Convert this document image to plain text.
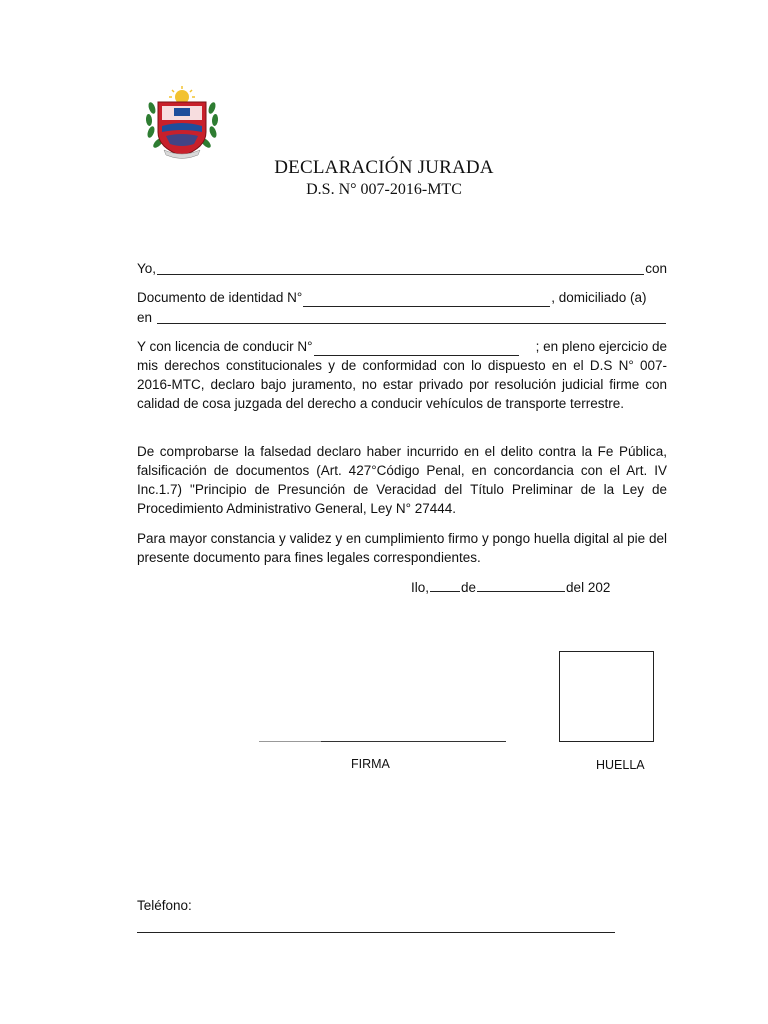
DECLARACIÓN JURADA
D.S. N° 007-2016-MTC
Yo,	con
Documento de identidad N°	, domiciliado (a)
en
Y con licencia de conducir N°	; en pleno ejercicio de

mis derechos constitucionales y de conformidad con lo dispuesto en el D.S N° 007-2016-MTC, declaro bajo juramento, no estar privado por resolución judicial firme con calidad de cosa juzgada del derecho a conducir vehículos de transporte terrestre.

De comprobarse la falsedad declaro haber incurrido en el delito contra la Fe Pública, falsificación de documentos (Art. 427°Código Penal, en concordancia con el Art. IV Inc.1.7) "Principio de Presunción de Veracidad del Título Preliminar de la Ley de Procedimiento Administrativo General, Ley N° 27444.

Para mayor constancia y validez y en cumplimiento firmo y pongo huella digital al pie del presente documento para fines legales correspondientes.

Ilo, de	del 202
FIRMA	HUELLA
Teléfono:
